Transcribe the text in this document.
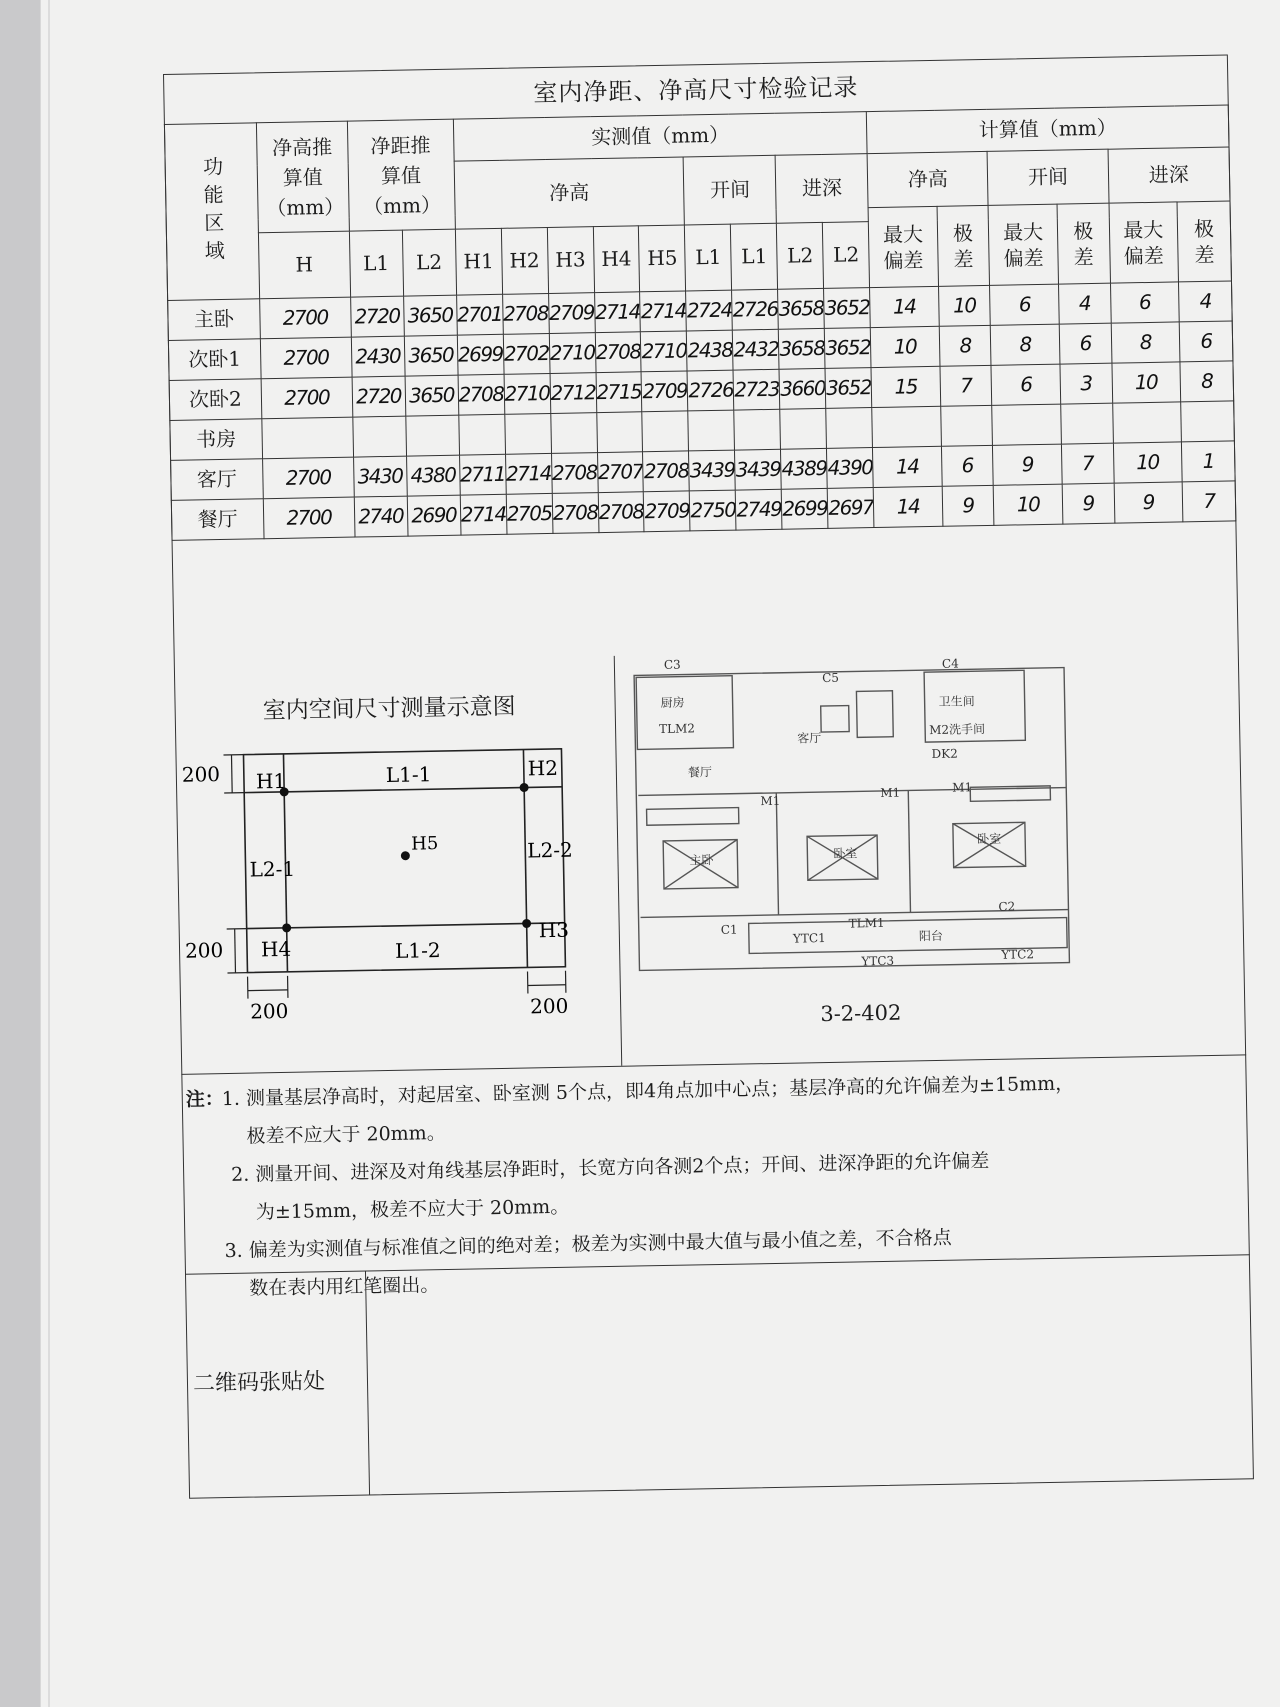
室内净距、净高尺寸检验记录
功能区域	净高推算值（mm）	净距推算值（mm）		实测值（mm）									计算值（mm）					
				净高					开间		进深		净高		开间		进深	
													最大偏差	极差	最大偏差	极差	最大偏差	极差
	H	L1	L2	H1	H2	H3	H4	H5	L1	L1	L2	L2						
主卧	2700	2720	3650	2701	2708	2709	2714	2714	2724	2726	3658	3652	14	10	6	4	6	4
次卧1	2700	2430	3650	2699	2702	2710	2708	2710	2438	2432	3658	3652	10	8	8	6	8	6
次卧2	2700	2720	3650	2708	2710	2712	2715	2709	2726	2723	3660	3652	15	7	6	3	10	8
书房																		
客厅	2700	3430	4380	2711	2714	2708	2707	2708	3439	3439	4389	4390	14	6	9	7	10	1
餐厅	2700	2740	2690	2714	2705	2708	2708	2709	2750	2749	2699	2697	14	9	10	9	9	7
室内空间尺寸测量示意图
H1
H2
H3
H4
H5
L1-1
L1-2
L2-1
L2-2
200
200
200	200
C3
C5
C4
厨房
TLM2
客厅
卫生间
M2洗手间
DK2
餐厅
M1
M1	M1
主卧	卧室
卧室
C1	TLM1
C2
阳台
YTC1
YTC3	YTC2
3-2-402
注：
1. 测量基层净高时，对起居室、卧室测 5个点，即4角点加中心点；基层净高的允许偏差为±15mm，
极差不应大于 20mm。
2. 测量开间、进深及对角线基层净距时，长宽方向各测2个点；开间、进深净距的允许偏差
为±15mm，极差不应大于 20mm。
3. 偏差为实测值与标准值之间的绝对差；极差为实测中最大值与最小值之差，不合格点
数在表内用红笔圈出。
二维码张贴处
